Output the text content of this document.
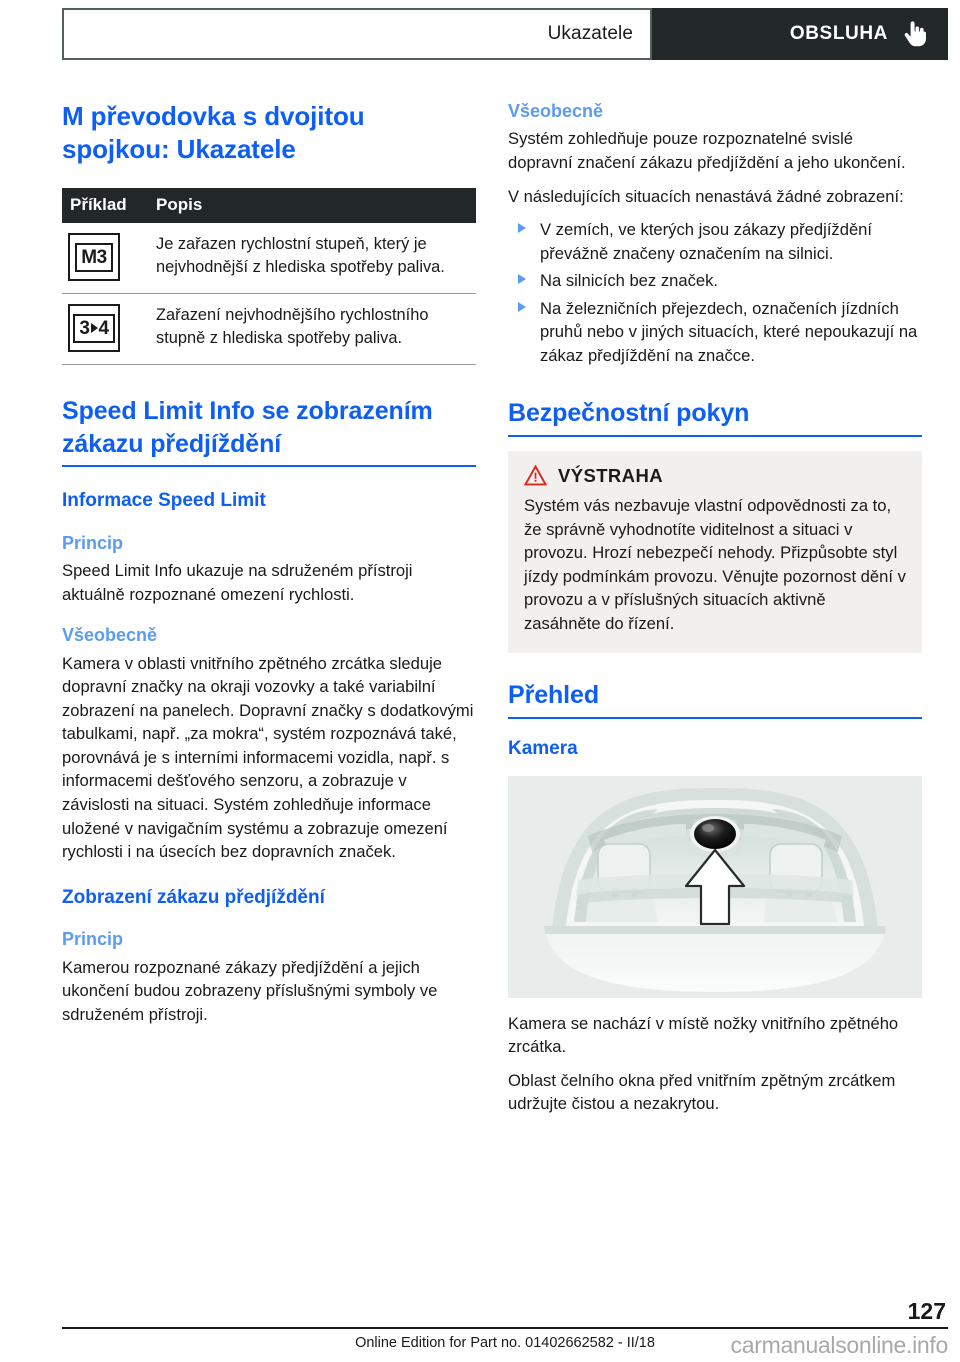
Ukazatele	OBSLUHA
M převodovka s dvojitou spojkou: Ukazatele
Příklad	Popis

M3	Je zařazen rychlostní stupeň, který je nejvhodnější z hlediska spotřeby paliva.

3 4	Zařazení nejvhodnějšího rychlostního stupně z hlediska spotřeby paliva.
Speed Limit Info se zobrazením zákazu předjíždění
Informace Speed Limit
Princip

Speed Limit Info ukazuje na sdruženém přístroji aktuálně rozpoznané omezení rychlosti.

Všeobecně

Kamera v oblasti vnitřního zpětného zrcátka sleduje dopravní značky na okraji vozovky a také variabilní zobrazení na panelech. Dopravní značky s dodatkovými tabulkami, např. „za mokra“, systém rozpoznává také, porovnává je s interními informacemi vozidla, např. s informacemi dešťového senzoru, a zobrazuje v závislosti na situaci. Systém zohledňuje informace uložené v navigačním systému a zobrazuje omezení rychlosti i na úsecích bez dopravních značek.

Zobrazení zákazu předjíždění
Princip

Kamerou rozpoznané zákazy předjíždění a jejich ukončení budou zobrazeny příslušnými symboly ve sdruženém přístroji.

Všeobecně

Systém zohledňuje pouze rozpoznatelné svislé dopravní značení zákazu předjíždění a jeho ukončení.

V následujících situacích nenastává žádné zobrazení:

V zemích, ve kterých jsou zákazy předjíždění převážně značeny označením na silnici.
Na silnicích bez značek.
Na železničních přejezdech, označeních jízdních pruhů nebo v jiných situacích, které nepoukazují na zákaz předjíždění na značce.
Bezpečnostní pokyn
VÝSTRAHA

Systém vás nezbavuje vlastní odpovědnosti za to, že správně vyhodnotíte viditelnost a situaci v provozu. Hrozí nebezpečí nehody. Přizpůsobte styl jízdy podmínkám provozu. Věnujte pozornost dění v provozu a v příslušných situacích aktivně zasáhněte do řízení.

Přehled
Kamera

Kamera se nachází v místě nožky vnitřního zpětného zrcátka.

Oblast čelního okna před vnitřním zpětným zrcátkem udržujte čistou a nezakrytou.

127
Online Edition for Part no. 01402662582 - II/18	carmanualsonline.info
